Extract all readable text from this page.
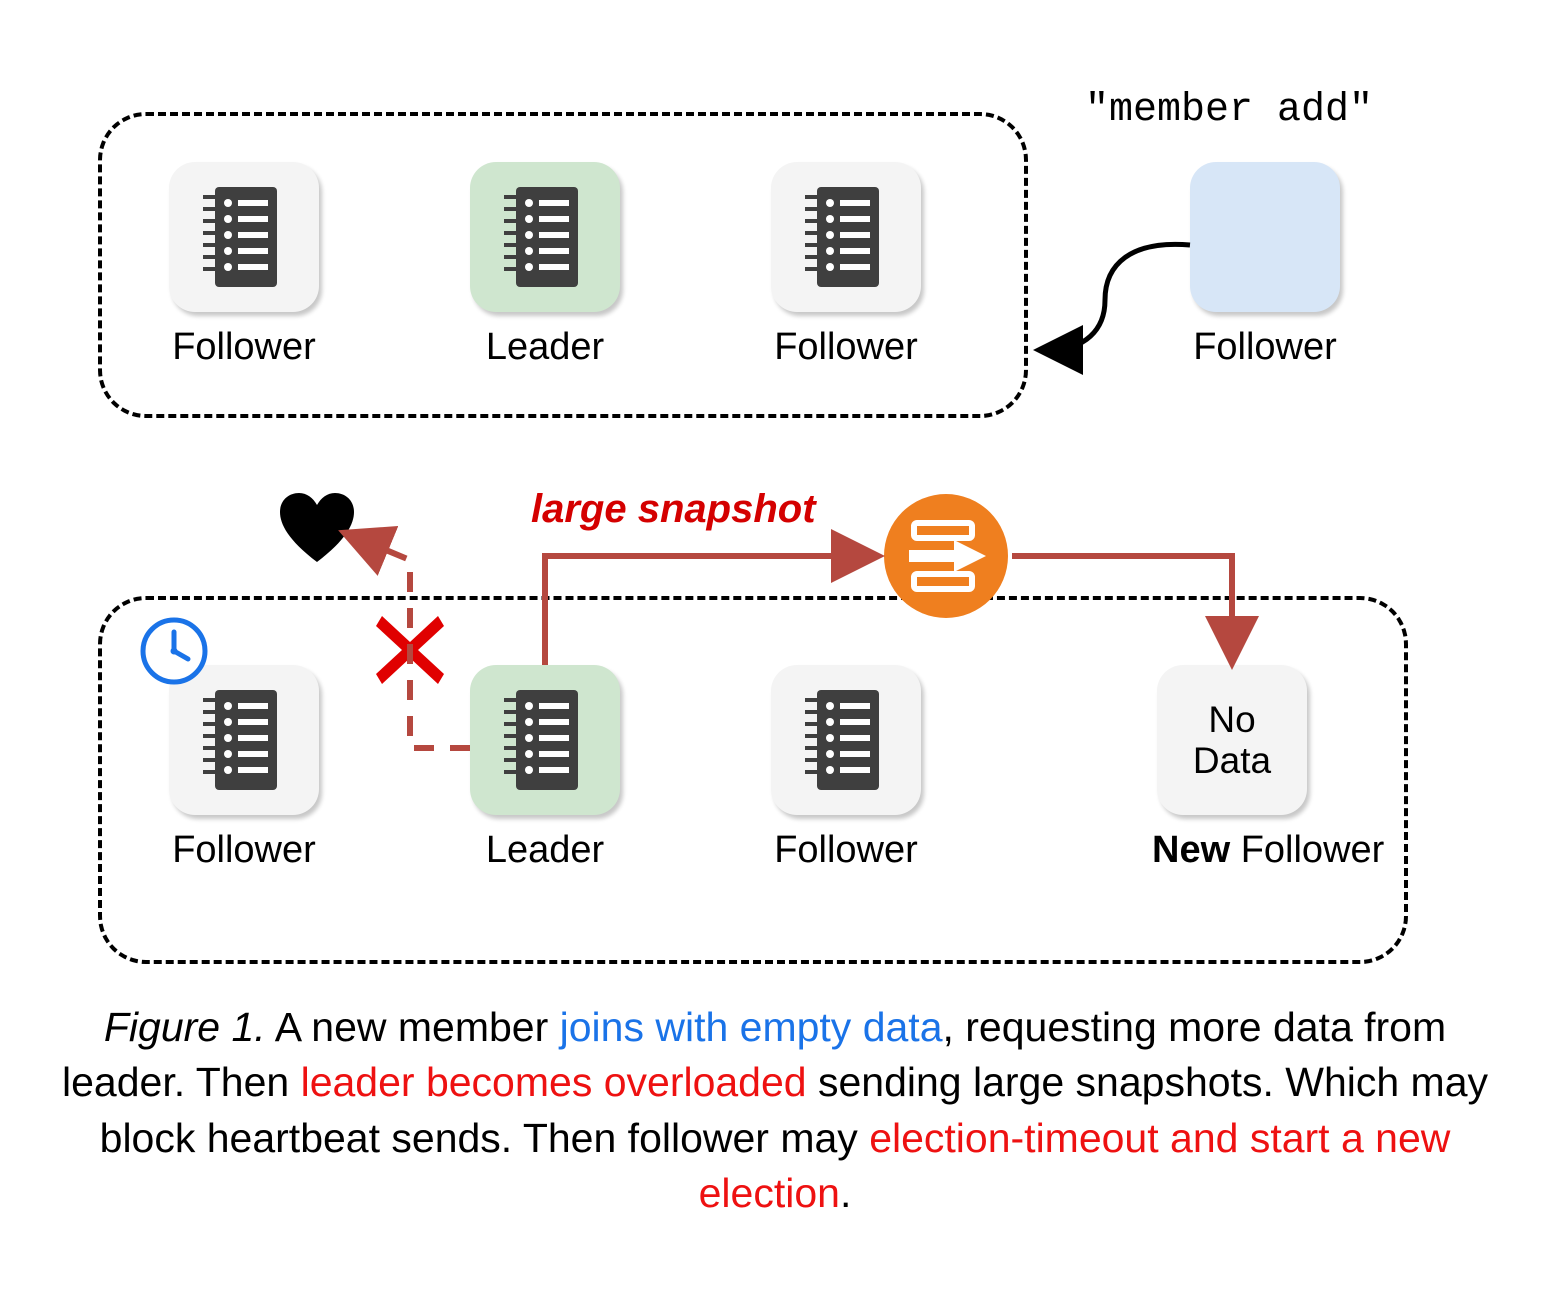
Follower	Leader	Follower
"member add"
Follower
large snapshot
Follower	Leader	Follower
No
Data
New Follower
Figure 1. A new member joins with empty data, requesting more data from leader. Then leader becomes overloaded sending large snapshots. Which may block heartbeat sends. Then follower may election-timeout and start a new election.
